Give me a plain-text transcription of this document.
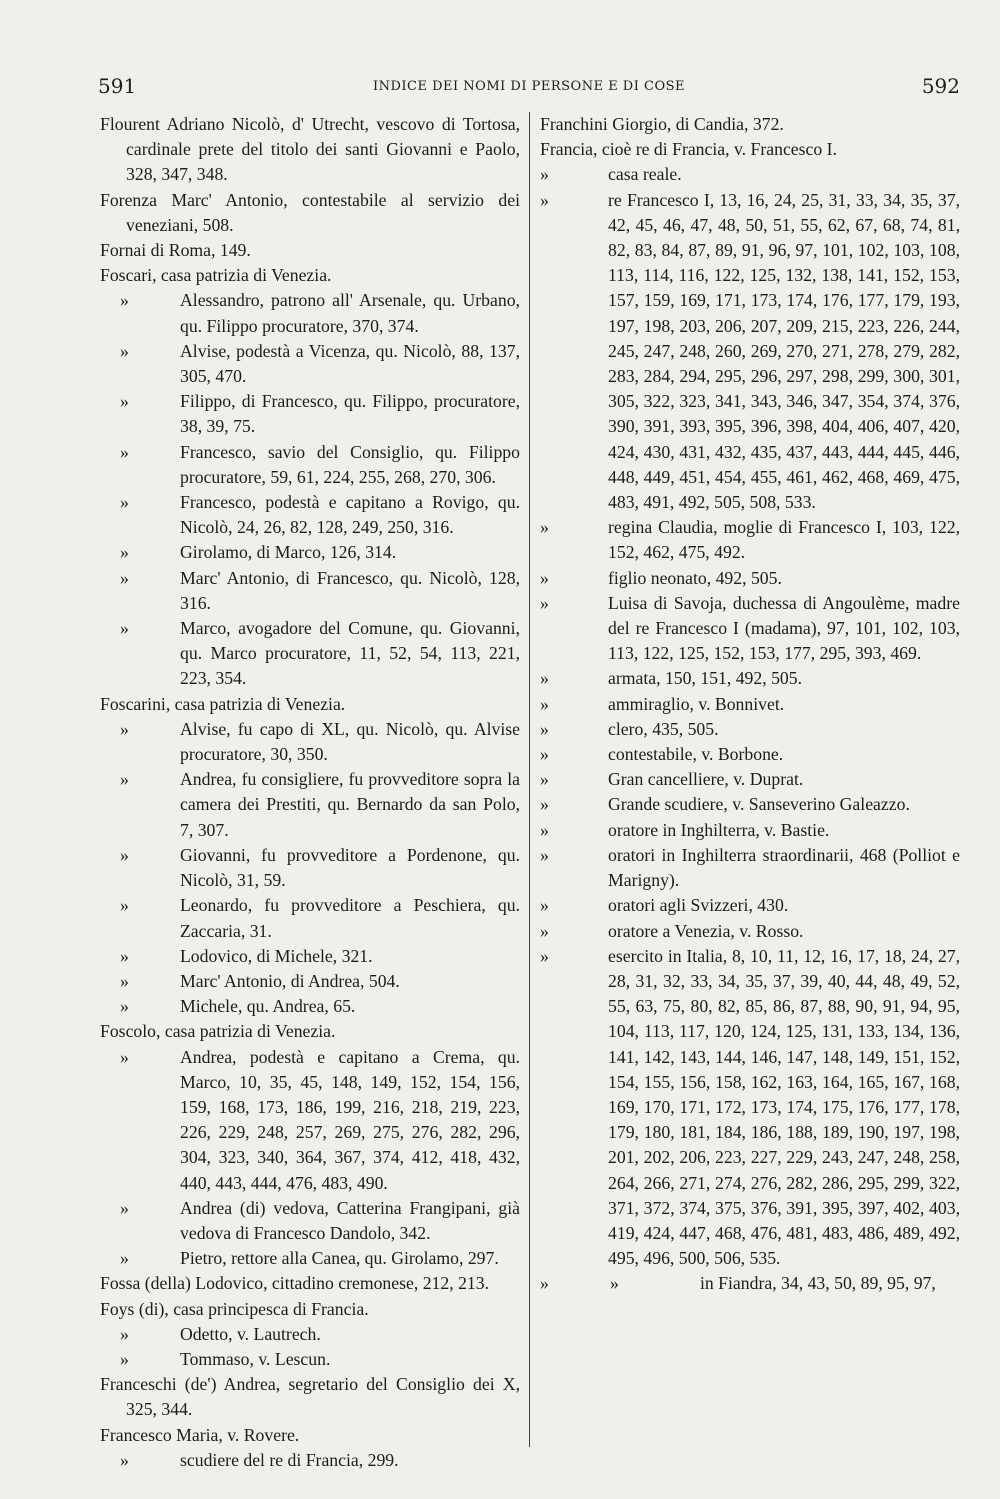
591	INDICE DEI NOMI DI PERSONE E DI COSE	592

Flourent Adriano Nicolò, d' Utrecht, vescovo di Tortosa, cardinale prete del titolo dei santi Giovanni e Paolo, 328, 347, 348.

Forenza Marc' Antonio, contestabile al servizio dei veneziani, 508.

Fornai di Roma, 149.

Foscari, casa patrizia di Venezia.

»	Alessandro, patrono all' Arsenale, qu. Urbano, qu. Filippo procuratore, 370, 374.

»	Alvise, podestà a Vicenza, qu. Nicolò, 88, 137, 305, 470.

»	Filippo, di Francesco, qu. Filippo, procuratore, 38, 39, 75.

»	Francesco, savio del Consiglio, qu. Filippo procuratore, 59, 61, 224, 255, 268, 270, 306.

»	Francesco, podestà e capitano a Rovigo, qu. Nicolò, 24, 26, 82, 128, 249, 250, 316.

»	Girolamo, di Marco, 126, 314.

»	Marc' Antonio, di Francesco, qu. Nicolò, 128, 316.

»	Marco, avogadore del Comune, qu. Giovanni, qu. Marco procuratore, 11, 52, 54, 113, 221, 223, 354.

Foscarini, casa patrizia di Venezia.

»	Alvise, fu capo di XL, qu. Nicolò, qu. Alvise procuratore, 30, 350.

»	Andrea, fu consigliere, fu provveditore sopra la camera dei Prestiti, qu. Bernardo da san Polo, 7, 307.

»	Giovanni, fu provveditore a Pordenone, qu. Nicolò, 31, 59.

»	Leonardo, fu provveditore a Peschiera, qu. Zaccaria, 31.

»	Lodovico, di Michele, 321.

»	Marc' Antonio, di Andrea, 504.

»	Michele, qu. Andrea, 65.

Foscolo, casa patrizia di Venezia.

»	Andrea, podestà e capitano a Crema, qu. Marco, 10, 35, 45, 148, 149, 152, 154, 156, 159, 168, 173, 186, 199, 216, 218, 219, 223, 226, 229, 248, 257, 269, 275, 276, 282, 296, 304, 323, 340, 364, 367, 374, 412, 418, 432, 440, 443, 444, 476, 483, 490.

»	Andrea (di) vedova, Catterina Frangipani, già vedova di Francesco Dandolo, 342.

»	Pietro, rettore alla Canea, qu. Girolamo, 297.

Fossa (della) Lodovico, cittadino cremonese, 212, 213.

Foys (di), casa principesca di Francia.

»	Odetto, v. Lautrech.

»	Tommaso, v. Lescun.

Franceschi (de') Andrea, segretario del Consiglio dei X, 325, 344.

Francesco Maria, v. Rovere.

»	scudiere del re di Francia, 299.

Franchini Giorgio, di Candia, 372.

Francia, cioè re di Francia, v. Francesco I.

»	casa reale.

»	re Francesco I, 13, 16, 24, 25, 31, 33, 34, 35, 37, 42, 45, 46, 47, 48, 50, 51, 55, 62, 67, 68, 74, 81, 82, 83, 84, 87, 89, 91, 96, 97, 101, 102, 103, 108, 113, 114, 116, 122, 125, 132, 138, 141, 152, 153, 157, 159, 169, 171, 173, 174, 176, 177, 179, 193, 197, 198, 203, 206, 207, 209, 215, 223, 226, 244, 245, 247, 248, 260, 269, 270, 271, 278, 279, 282, 283, 284, 294, 295, 296, 297, 298, 299, 300, 301, 305, 322, 323, 341, 343, 346, 347, 354, 374, 376, 390, 391, 393, 395, 396, 398, 404, 406, 407, 420, 424, 430, 431, 432, 435, 437, 443, 444, 445, 446, 448, 449, 451, 454, 455, 461, 462, 468, 469, 475, 483, 491, 492, 505, 508, 533.

»	regina Claudia, moglie di Francesco I, 103, 122, 152, 462, 475, 492.

»	figlio neonato, 492, 505.

»	Luisa di Savoja, duchessa di Angoulème, madre del re Francesco I (madama), 97, 101, 102, 103, 113, 122, 125, 152, 153, 177, 295, 393, 469.

»	armata, 150, 151, 492, 505.

»	ammiraglio, v. Bonnivet.

»	clero, 435, 505.

»	contestabile, v. Borbone.

»	Gran cancelliere, v. Duprat.

»	Grande scudiere, v. Sanseverino Galeazzo.

»	oratore in Inghilterra, v. Bastie.

»	oratori in Inghilterra straordinarii, 468 (Polliot e Marigny).

»	oratori agli Svizzeri, 430.

»	oratore a Venezia, v. Rosso.

»	esercito in Italia, 8, 10, 11, 12, 16, 17, 18, 24, 27, 28, 31, 32, 33, 34, 35, 37, 39, 40, 44, 48, 49, 52, 55, 63, 75, 80, 82, 85, 86, 87, 88, 90, 91, 94, 95, 104, 113, 117, 120, 124, 125, 131, 133, 134, 136, 141, 142, 143, 144, 146, 147, 148, 149, 151, 152, 154, 155, 156, 158, 162, 163, 164, 165, 167, 168, 169, 170, 171, 172, 173, 174, 175, 176, 177, 178, 179, 180, 181, 184, 186, 188, 189, 190, 197, 198, 201, 202, 206, 223, 227, 229, 243, 247, 248, 258, 264, 266, 271, 274, 276, 282, 286, 295, 299, 322, 371, 372, 374, 375, 376, 391, 395, 397, 402, 403, 419, 424, 447, 468, 476, 481, 483, 486, 489, 492, 495, 496, 500, 506, 535.

»	»	in Fiandra, 34, 43, 50, 89, 95, 97,
